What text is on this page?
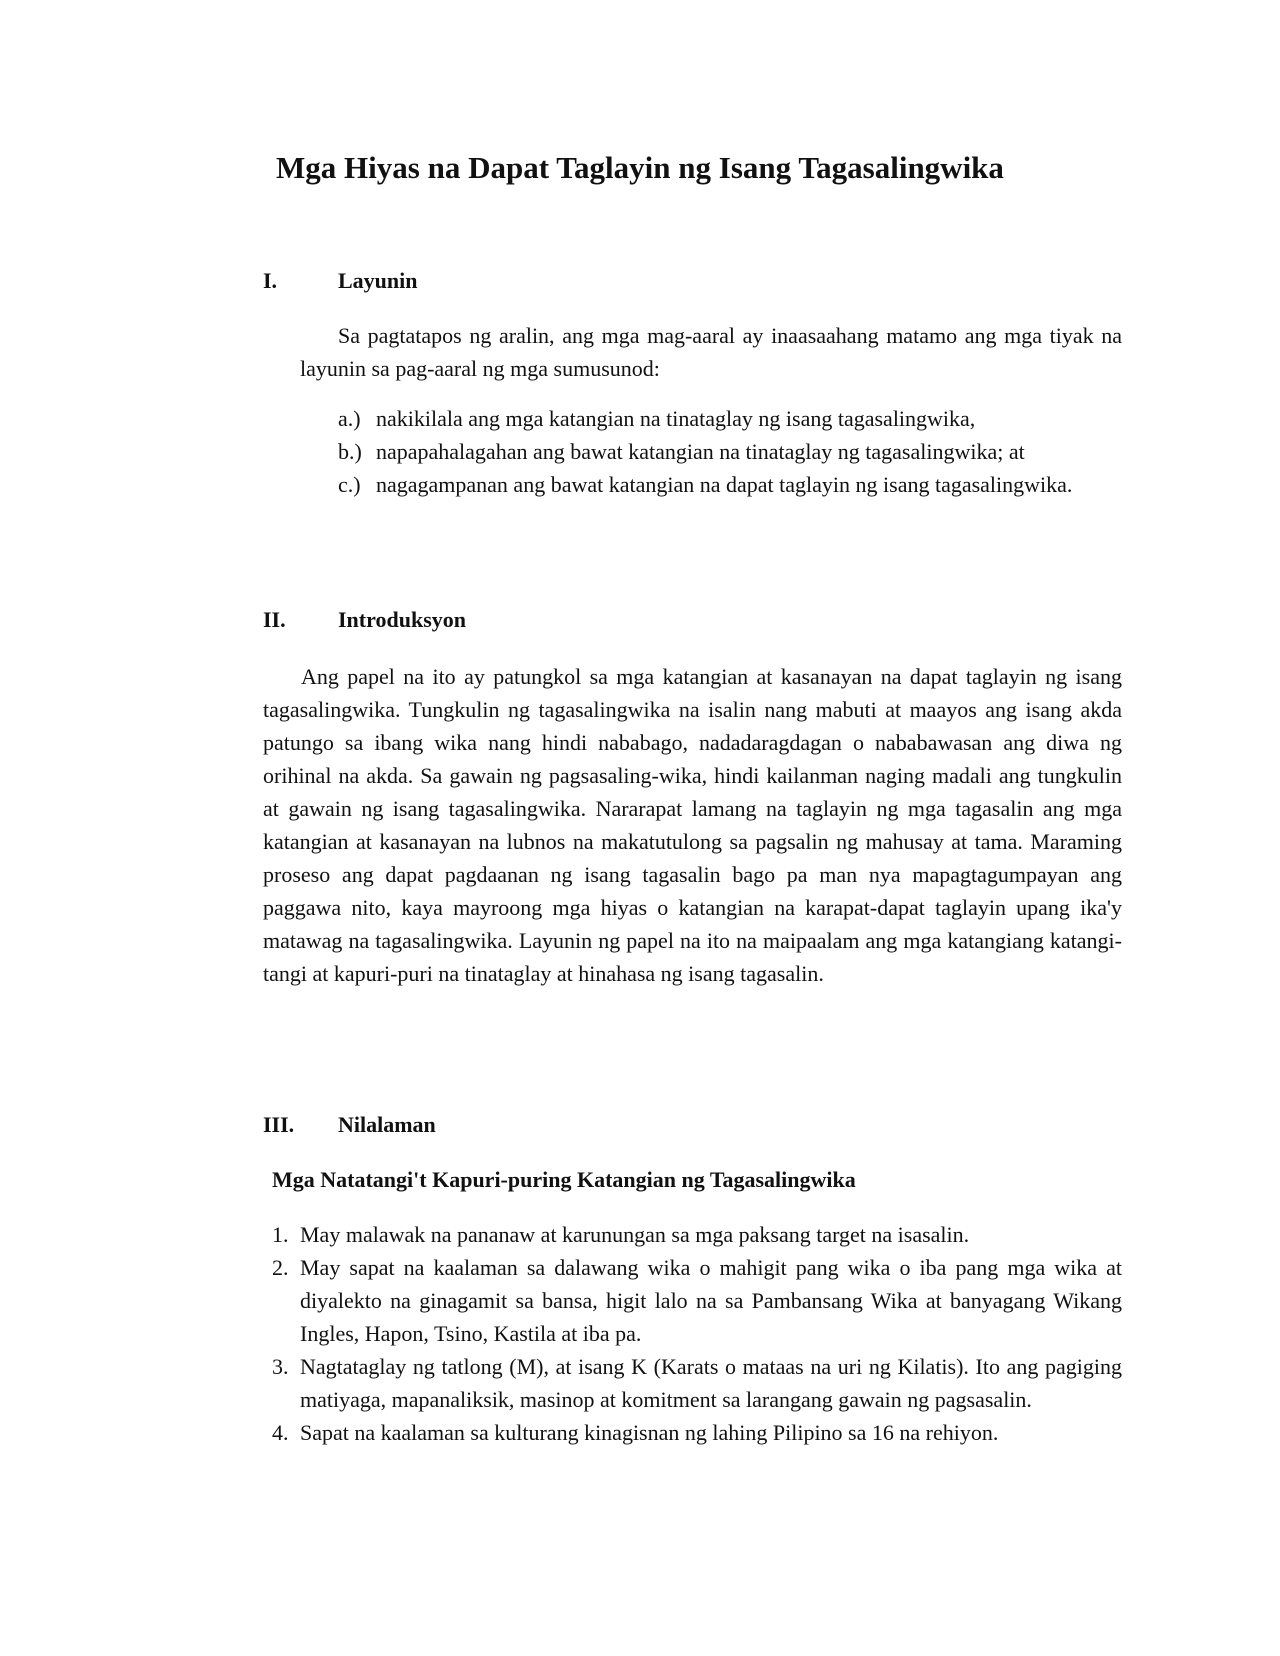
Mga Hiyas na Dapat Taglayin ng Isang Tagasalingwika
I.	Layunin

Sa pagtatapos ng aralin, ang mga mag-aaral ay inaasaahang matamo ang mga tiyak na layunin sa pag-aaral ng mga sumusunod:

a.) nakikilala ang mga katangian na tinataglay ng isang tagasalingwika,
b.) napapahalagahan ang bawat katangian na tinataglay ng tagasalingwika; at
c.) nagagampanan ang bawat katangian na dapat taglayin ng isang tagasalingwika.
II. Introduksyon

Ang papel na ito ay patungkol sa mga katangian at kasanayan na dapat taglayin ng isang tagasalingwika. Tungkulin ng tagasalingwika na isalin nang mabuti at maayos ang isang akda patungo sa ibang wika nang hindi nababago, nadadaragdagan o nababawasan ang diwa ng orihinal na akda. Sa gawain ng pagsasaling-wika, hindi kailanman naging madali ang tungkulin at gawain ng isang tagasalingwika. Nararapat lamang na taglayin ng mga tagasalin ang mga katangian at kasanayan na lubnos na makatutulong sa pagsalin ng mahusay at tama. Maraming proseso ang dapat pagdaanan ng isang tagasalin bago pa man nya mapagtagumpayan ang paggawa nito, kaya mayroong mga hiyas o katangian na karapat-dapat taglayin upang ika'y matawag na tagasalingwika. Layunin ng papel na ito na maipaalam ang mga katangiang katangi-tangi at kapuri-puri na tinataglay at hinahasa ng isang tagasalin.

III. Nilalaman

Mga Natatangi't Kapuri-puring Katangian ng Tagasalingwika

1. May malawak na pananaw at karunungan sa mga paksang target na isasalin.
2. May sapat na kaalaman sa dalawang wika o mahigit pang wika o iba pang mga wika at diyalekto na ginagamit sa bansa, higit lalo na sa Pambansang Wika at banyagang Wikang Ingles, Hapon, Tsino, Kastila at iba pa.
3. Nagtataglay ng tatlong (M), at isang K (Karats o mataas na uri ng Kilatis). Ito ang pagiging matiyaga, mapanaliksik, masinop at komitment sa larangang gawain ng pagsasalin.
4. Sapat na kaalaman sa kulturang kinagisnan ng lahing Pilipino sa 16 na rehiyon.
